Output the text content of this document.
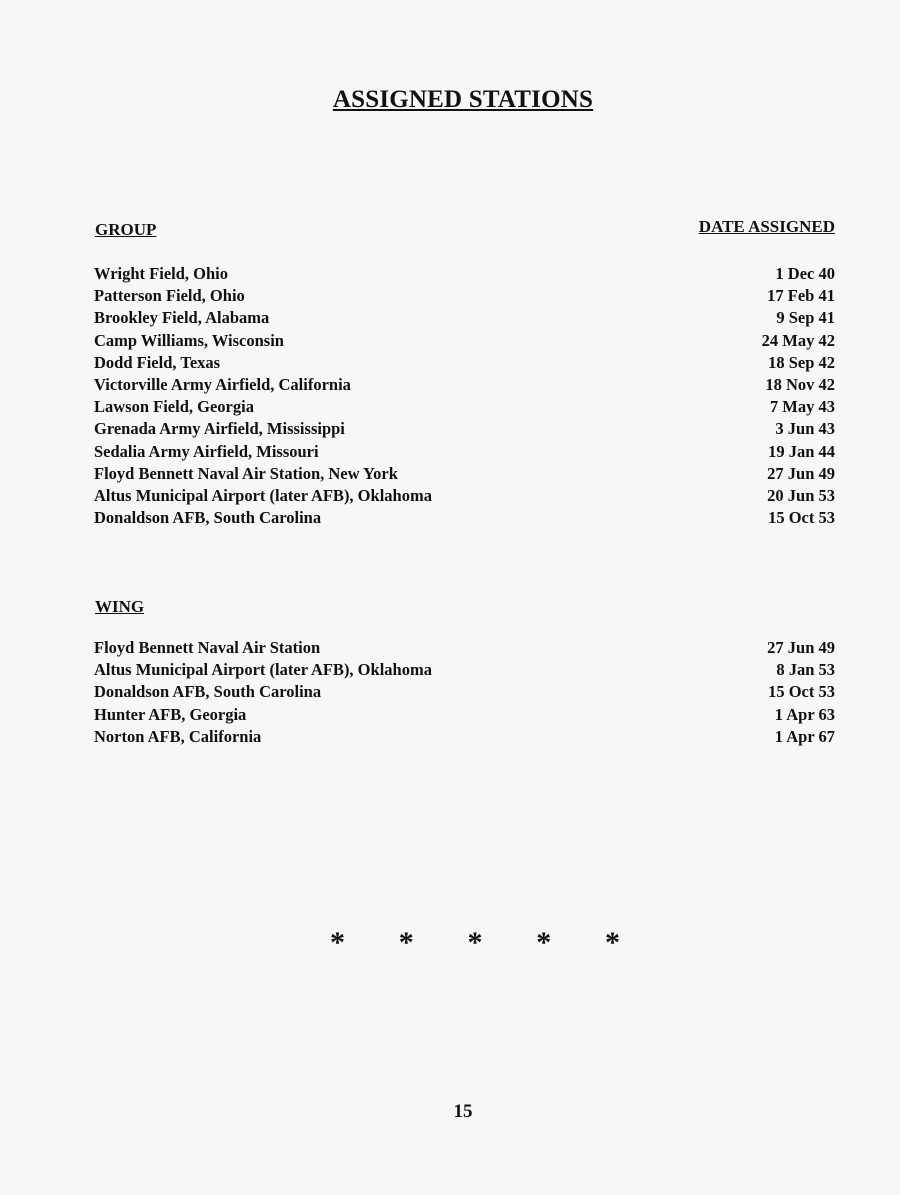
ASSIGNED STATIONS
GROUP	DATE ASSIGNED
Wright Field, Ohio	1 Dec 40
Patterson Field, Ohio	17 Feb 41
Brookley Field, Alabama	9 Sep 41
Camp Williams, Wisconsin	24 May 42
Dodd Field, Texas	18 Sep 42
Victorville Army Airfield, California	18 Nov 42
Lawson Field, Georgia	7 May 43
Grenada Army Airfield, Mississippi	3 Jun 43
Sedalia Army Airfield, Missouri	19 Jan 44
Floyd Bennett Naval Air Station, New York	27 Jun 49
Altus Municipal Airport (later AFB), Oklahoma	20 Jun 53
Donaldson AFB, South Carolina	15 Oct 53
WING
Floyd Bennett Naval Air Station	27 Jun 49
Altus Municipal Airport (later AFB), Oklahoma	8 Jan 53
Donaldson AFB, South Carolina	15 Oct 53
Hunter AFB, Georgia	1 Apr 63
Norton AFB, California	1 Apr 67
* * * * *
15
